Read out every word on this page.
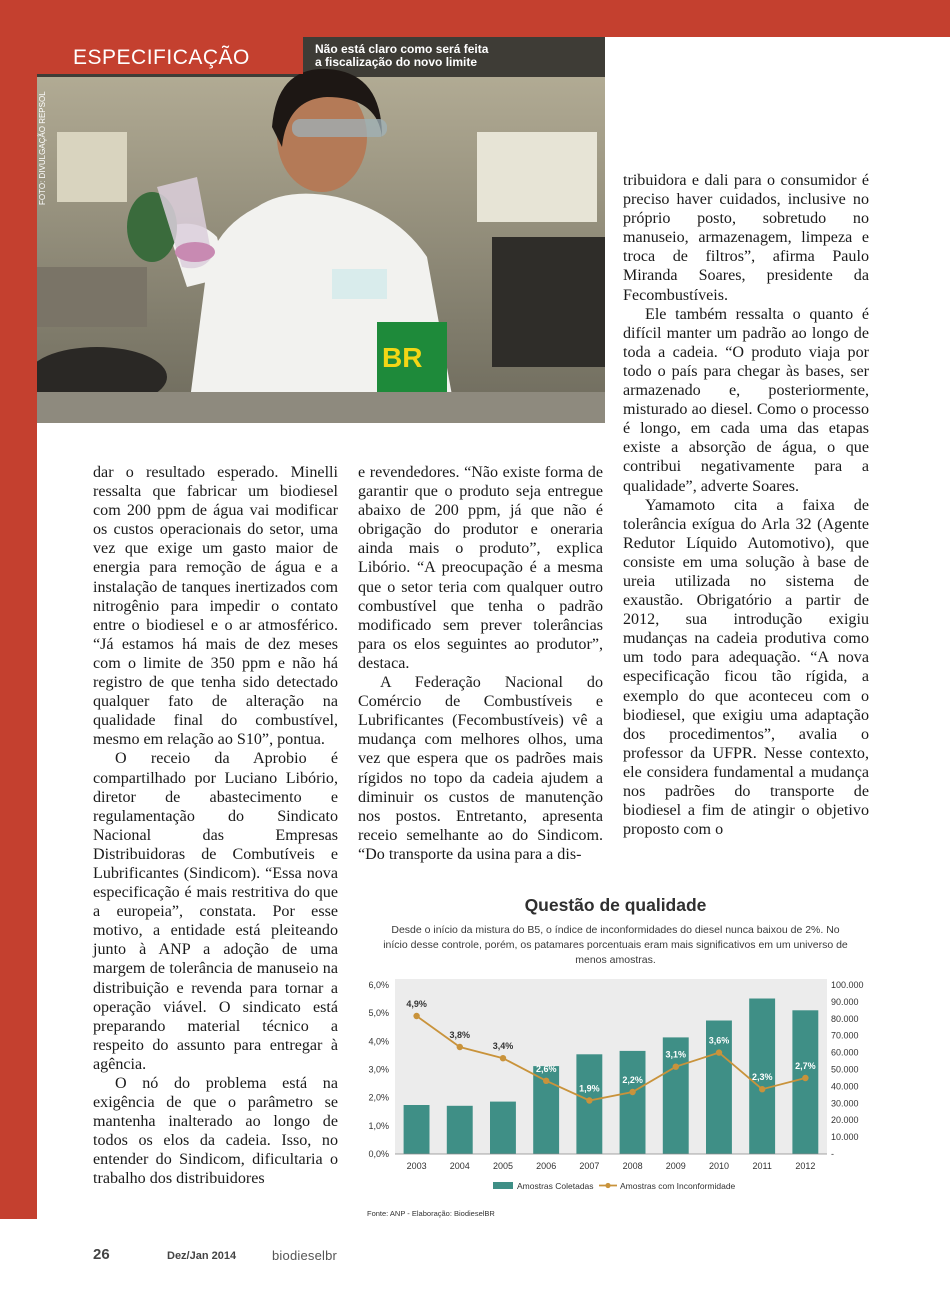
BR
ESPECIFICAÇÃO	Não está claro como será feita
a fiscalização do novo limite
FOTO: DIVULGAÇÃO REPSOL

dar o resultado esperado. Minelli ressalta que fabricar um biodiesel com 200 ppm de água vai modificar os custos operacionais do setor, uma vez que exige um gasto maior de energia para remoção de água e a instalação de tanques inertizados com nitrogênio para impedir o contato entre o biodiesel e o ar atmosférico. “Já estamos há mais de dez meses com o limite de 350 ppm e não há registro de que tenha sido detectado qualquer fato de alteração na qualidade final do combustível, mesmo em relação ao S10”, pontua.

O receio da Aprobio é compartilhado por Luciano Libório, diretor de abastecimento e regulamentação do Sindicato Nacional das Empresas Distribuidoras de Combutíveis e Lubrificantes (Sindicom). “Essa nova especificação é mais restritiva do que a europeia”, constata. Por esse motivo, a entidade está pleiteando junto à ANP a adoção de uma margem de tolerância de manuseio na distribuição e revenda para tornar a operação viável. O sindicato está preparando material técnico a respeito do assunto para entregar à agência.

O nó do problema está na exigência de que o parâmetro se mantenha inalterado ao longo de todos os elos da cadeia. Isso, no entender do Sindicom, dificultaria o trabalho dos distribuidores

e revendedores. “Não existe forma de garantir que o produto seja entregue abaixo de 200 ppm, já que não é obrigação do produtor e oneraria ainda mais o produto”, explica Libório. “A preocupação é a mesma que o setor teria com qualquer outro combustível que tenha o padrão modificado sem prever tolerâncias para os elos seguintes ao produtor”, destaca.

A Federação Nacional do Comércio de Combustíveis e Lubrificantes (Fecombustíveis) vê a mudança com melhores olhos, uma vez que espera que os padrões mais rígidos no topo da cadeia ajudem a diminuir os custos de manutenção nos postos. Entretanto, apresenta receio semelhante ao do Sindicom. “Do transporte da usina para a dis-

tribuidora e dali para o consumidor é preciso haver cuidados, inclusive no próprio posto, sobretudo no manuseio, armazenagem, limpeza e troca de filtros”, afirma Paulo Miranda Soares, presidente da Fecombustíveis.

Ele também ressalta o quanto é difícil manter um padrão ao longo de toda a cadeia. “O produto viaja por todo o país para chegar às bases, ser armazenado e, posteriormente, misturado ao diesel. Como o processo é longo, em cada uma das etapas existe a absorção de água, o que contribui negativamente para a qualidade”, adverte Soares.

Yamamoto cita a faixa de tolerância exígua do Arla 32 (Agente Redutor Líquido Automotivo), que consiste em uma solução à base de ureia utilizada no sistema de exaustão. Obrigatório a partir de 2012, sua introdução exigiu mudanças na cadeia produtiva como um todo para adequação. “A nova especificação ficou tão rígida, a exemplo do que aconteceu com o biodiesel, que exigiu uma adaptação dos procedimentos”, avalia o professor da UFPR. Nesse contexto, ele considera fundamental a mudança nos padrões do transporte de biodiesel a fim de atingir o objetivo proposto com o

Questão de qualidade
Desde o início da mistura do B5, o índice de inconformidades do diesel nunca baixou de 2%. No início desse controle, porém, os patamares porcentuais eram mais significativos em um universo de menos amostras.
0,0%
1,0%
2,0%
3,0%
4,0%
5,0%
6,0%
-
10.000
20.000
30.000
40.000
50.000
60.000
70.000
80.000
90.000
100.000
2003	2004	2005	2006	2007	2008	2009	2010	2011	2012
4,9%
3,8%
3,4%
2,6%
1,9%
2,2%
3,1%
3,6%
2,3%
2,7%
Amostras Coletadas	Amostras com Inconformidade
Fonte: ANP - Elaboração: BiodieselBR
26	Dez/Jan 2014	biodieselbr
